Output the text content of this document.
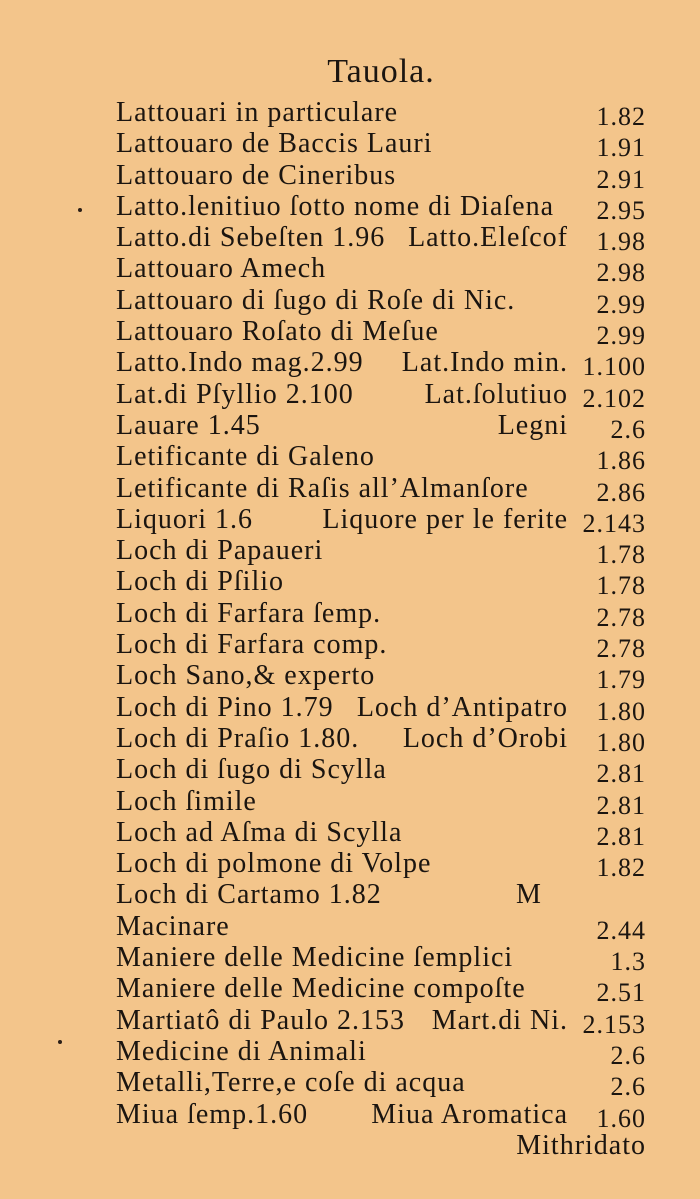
Tauola.
Lattouari in particulare	1.82
Lattouaro de Baccis Lauri	1.91
Lattouaro de Cineribus	2.91
Latto.lenitiuo ſotto nome di Diaſena	2.95
Latto.di Sebeſten 1.96 Latto.Eleſcof	1.98
Lattouaro Amech	2.98
Lattouaro di ſugo di Roſe di Nic.	2.99
Lattouaro Roſato di Meſue	2.99
Latto.Indo mag.2.99	Lat.Indo min. 1.100
Lat.di Pſyllio 2.100	Lat.ſolutiuo 2.102
Lauare 1.45	Legni	2.6
Letificante di Galeno	1.86
Letificante di Raſis all’Almanſore	2.86
Liquori 1.6	Liquore per le ferite 2.143
Loch di Papaueri	1.78
Loch di Pſilio	1.78
Loch di Farfara ſemp.	2.78
Loch di Farfara comp.	2.78
Loch Sano,& experto	1.79
Loch di Pino 1.79 Loch d’Antipatro	1.80
Loch di Praſio 1.80.	Loch d’Orobi	1.80
Loch di ſugo di Scylla	2.81
Loch ſimile	2.81
Loch ad Aſma di Scylla	2.81
Loch di polmone di Volpe	1.82
Loch di Cartamo 1.82	M
Macinare	2.44
Maniere delle Medicine ſemplici	1.3
Maniere delle Medicine compoſte	2.51
Martiatô di Paulo 2.153 Mart.di Ni. 2.153
Medicine di Animali	2.6
Metalli,Terre,e coſe di acqua	2.6
Miua ſemp.1.60	Miua Aromatica	1.60
Mithridato
